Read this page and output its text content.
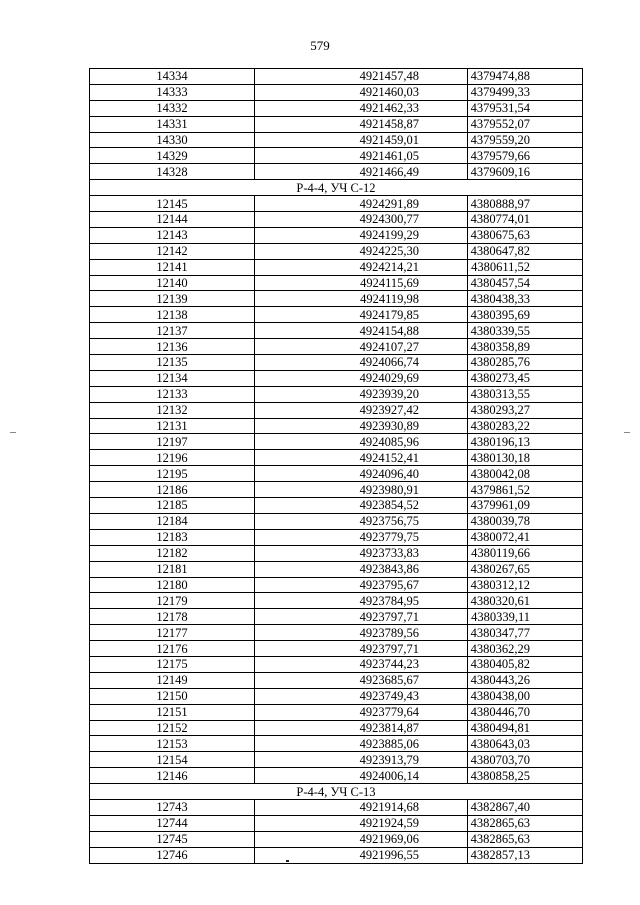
579
14334	4921457,48	4379474,88
14333	4921460,03	4379499,33
14332	4921462,33	4379531,54
14331	4921458,87	4379552,07
14330	4921459,01	4379559,20
14329	4921461,05	4379579,66
14328	4921466,49	4379609,16
Р-4-4, УЧ С-12		
12145	4924291,89	4380888,97
12144	4924300,77	4380774,01
12143	4924199,29	4380675,63
12142	4924225,30	4380647,82
12141	4924214,21	4380611,52
12140	4924115,69	4380457,54
12139	4924119,98	4380438,33
12138	4924179,85	4380395,69
12137	4924154,88	4380339,55
12136	4924107,27	4380358,89
12135	4924066,74	4380285,76
12134	4924029,69	4380273,45
12133	4923939,20	4380313,55
12132	4923927,42	4380293,27
12131	4923930,89	4380283,22
12197	4924085,96	4380196,13
12196	4924152,41	4380130,18
12195	4924096,40	4380042,08
12186	4923980,91	4379861,52
12185	4923854,52	4379961,09
12184	4923756,75	4380039,78
12183	4923779,75	4380072,41
12182	4923733,83	4380119,66
12181	4923843,86	4380267,65
12180	4923795,67	4380312,12
12179	4923784,95	4380320,61
12178	4923797,71	4380339,11
12177	4923789,56	4380347,77
12176	4923797,71	4380362,29
12175	4923744,23	4380405,82
12149	4923685,67	4380443,26
12150	4923749,43	4380438,00
12151	4923779,64	4380446,70
12152	4923814,87	4380494,81
12153	4923885,06	4380643,03
12154	4923913,79	4380703,70
12146	4924006,14	4380858,25
Р-4-4, УЧ С-13		
12743	4921914,68	4382867,40
12744	4921924,59	4382865,63
12745	4921969,06	4382865,63
12746	4921996,55	4382857,13
